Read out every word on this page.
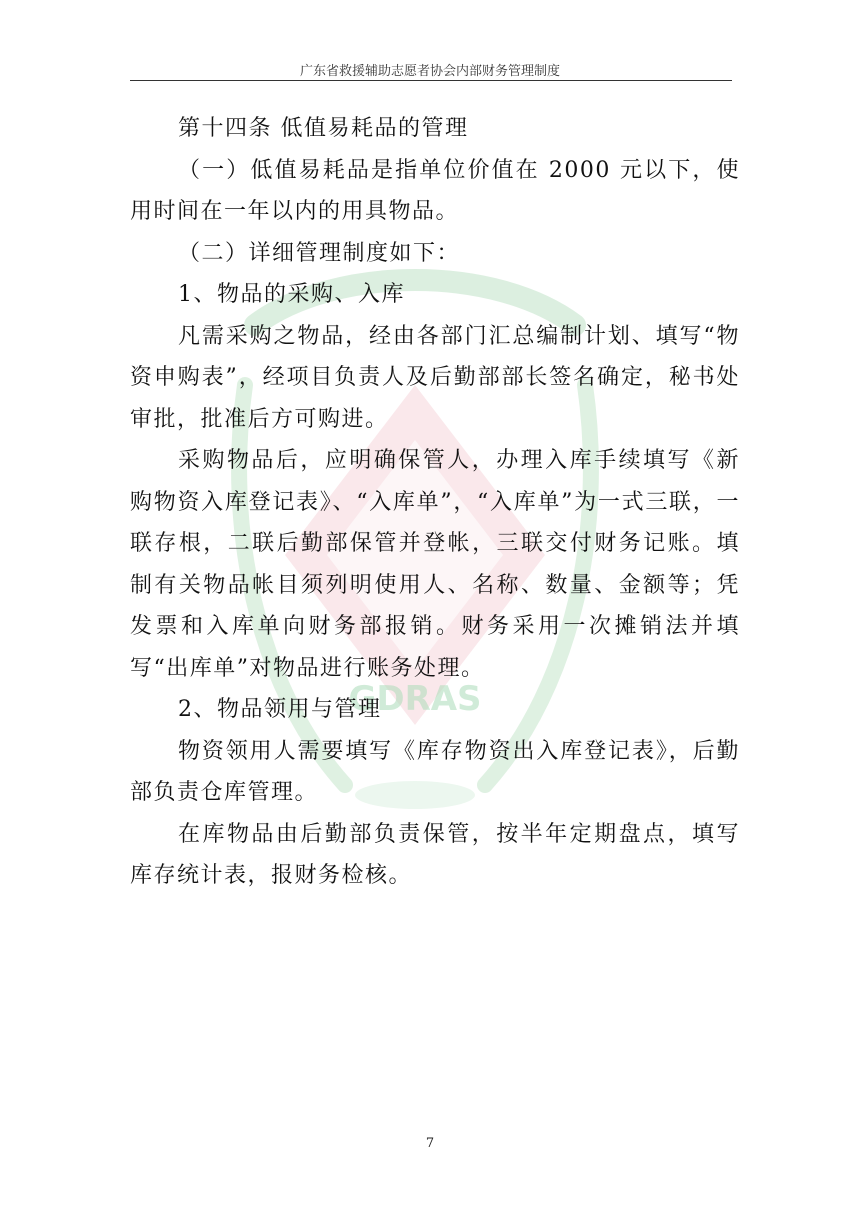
广东省救援辅助志愿者协会内部财务管理制度
GDRAS

第十四条 低值易耗品的管理

（一）低值易耗品是指单位价值在 2000 元以下，使用时间在一年以内的用具物品。

（二）详细管理制度如下：

1、物品的采购、入库

凡需采购之物品，经由各部门汇总编制计划、填写“物资申购表”，经项目负责人及后勤部部长签名确定，秘书处审批，批准后方可购进。

采购物品后，应明确保管人，办理入库手续填写《新购物资入库登记表》、“入库单”，“入库单”为一式三联，一联存根，二联后勤部保管并登帐，三联交付财务记账。填制有关物品帐目须列明使用人、名称、数量、金额等；凭发票和入库单向财务部报销。财务采用一次摊销法并填写“出库单”对物品进行账务处理。

2、物品领用与管理

物资领用人需要填写《库存物资出入库登记表》，后勤部负责仓库管理。

在库物品由后勤部负责保管，按半年定期盘点，填写库存统计表，报财务检核。

7
